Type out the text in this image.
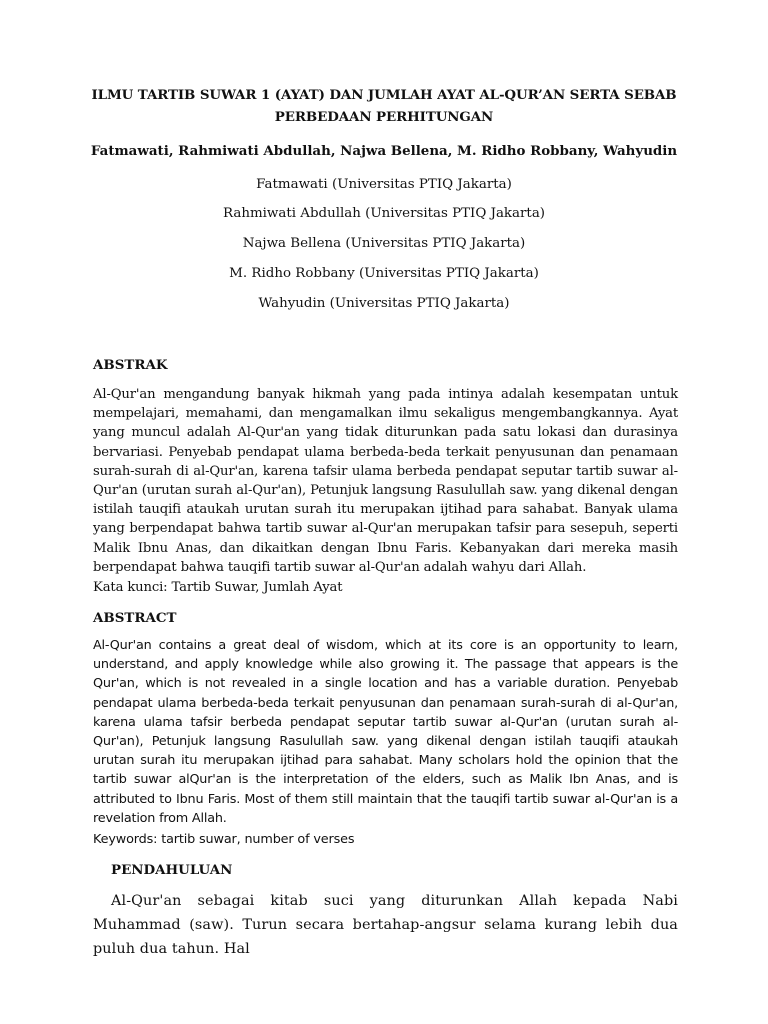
ILMU TARTIB SUWAR 1 (AYAT) DAN JUMLAH AYAT AL-QUR’AN SERTA SEBAB PERBEDAAN PERHITUNGAN
Fatmawati, Rahmiwati Abdullah, Najwa Bellena, M. Ridho Robbany, Wahyudin
Fatmawati (Universitas PTIQ Jakarta)
Rahmiwati Abdullah (Universitas PTIQ Jakarta)
Najwa Bellena (Universitas PTIQ Jakarta)
M. Ridho Robbany (Universitas PTIQ Jakarta)
Wahyudin (Universitas PTIQ Jakarta)
ABSTRAK
Al-Qur'an mengandung banyak hikmah yang pada intinya adalah kesempatan untuk mempelajari, memahami, dan mengamalkan ilmu sekaligus mengembangkannya. Ayat yang muncul adalah Al-Qur'an yang tidak diturunkan pada satu lokasi dan durasinya bervariasi. Penyebab pendapat ulama berbeda-beda terkait penyusunan dan penamaan surah-surah di al-Qur'an, karena tafsir ulama berbeda pendapat seputar tartib suwar al-Qur'an (urutan surah al-Qur'an), Petunjuk langsung Rasulullah saw. yang dikenal dengan istilah tauqifi ataukah urutan surah itu merupakan ijtihad para sahabat. Banyak ulama yang berpendapat bahwa tartib suwar al-Qur'an merupakan tafsir para sesepuh, seperti Malik Ibnu Anas, dan dikaitkan dengan Ibnu Faris. Kebanyakan dari mereka masih berpendapat bahwa tauqifi tartib suwar al-Qur'an adalah wahyu dari Allah.
Kata kunci: Tartib Suwar, Jumlah Ayat
ABSTRACT
Al-Qur'an contains a great deal of wisdom, which at its core is an opportunity to learn, understand, and apply knowledge while also growing it. The passage that appears is the Qur'an, which is not revealed in a single location and has a variable duration. Penyebab pendapat ulama berbeda-beda terkait penyusunan dan penamaan surah-surah di al-Qur'an, karena ulama tafsir berbeda pendapat seputar tartib suwar al-Qur'an (urutan surah al-Qur'an), Petunjuk langsung Rasulullah saw. yang dikenal dengan istilah tauqifi ataukah urutan surah itu merupakan ijtihad para sahabat. Many scholars hold the opinion that the tartib suwar alQur'an is the interpretation of the elders, such as Malik Ibn Anas, and is attributed to Ibnu Faris. Most of them still maintain that the tauqifi tartib suwar al-Qur'an is a revelation from Allah.
Keywords: tartib suwar, number of verses
PENDAHULUAN
Al-Qur'an sebagai kitab suci yang diturunkan Allah kepada Nabi Muhammad (saw). Turun secara bertahap-angsur selama kurang lebih dua puluh dua tahun. Hal
